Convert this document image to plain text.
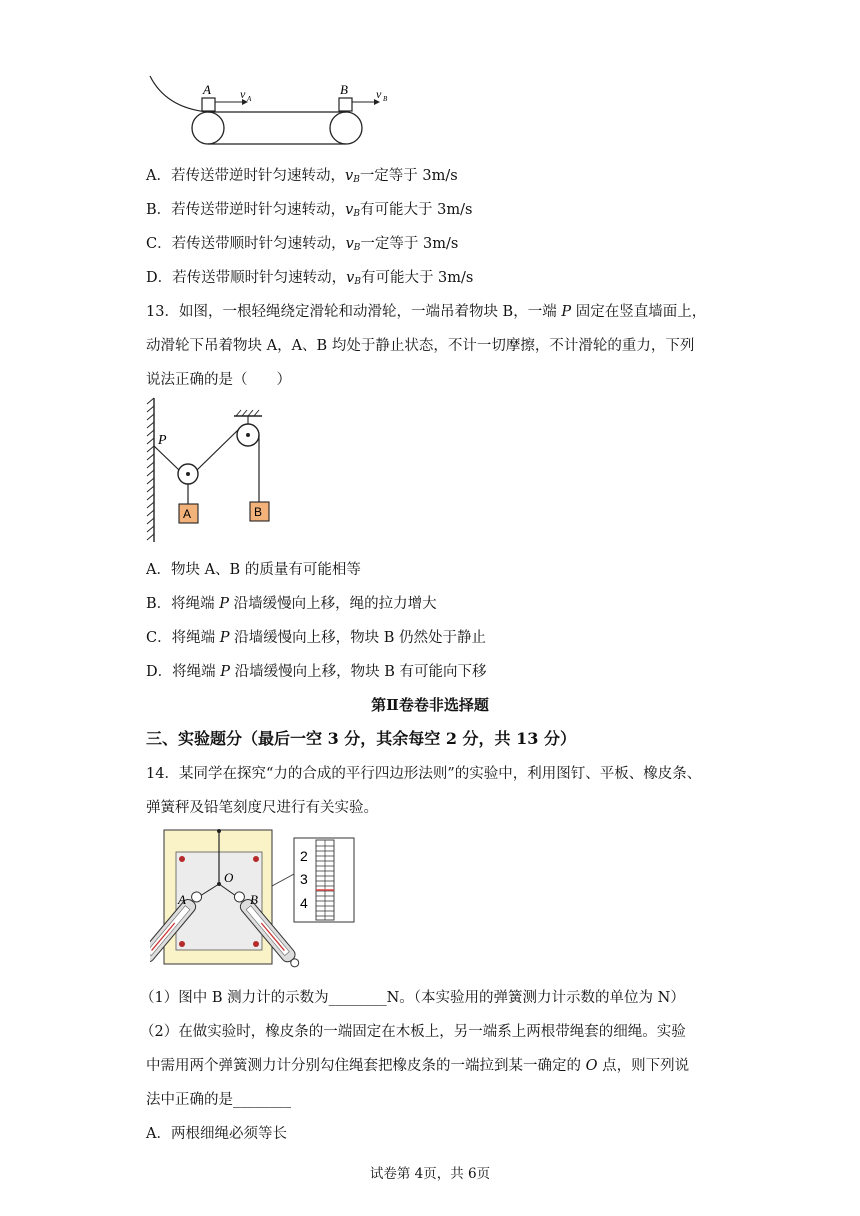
A	B
v A	v B
A．若传送带逆时针匀速转动，$v_B$一定等于 3m/s
B．若传送带逆时针匀速转动，$v_B$有可能大于 3m/s
C．若传送带顺时针匀速转动，$v_B$一定等于 3m/s
D．若传送带顺时针匀速转动，$v_B$有可能大于 3m/s
13．如图，一根轻绳绕定滑轮和动滑轮，一端吊着物块 B，一端 P 固定在竖直墙面上，
动滑轮下吊着物块 A，A、B 均处于静止状态，不计一切摩擦，不计滑轮的重力，下列
说法正确的是（　　）
P
A	B
A．物块 A、B 的质量有可能相等
B．将绳端 P 沿墙缓慢向上移，绳的拉力增大
C．将绳端 P 沿墙缓慢向上移，物块 B 仍然处于静止
D．将绳端 P 沿墙缓慢向上移，物块 B 有可能向下移
第Ⅱ卷卷非选择题
三、实验题分（最后一空 3 分，其余每空 2 分，共 13 分）
14．某同学在探究“力的合成的平行四边形法则”的实验中，利用图钉、平板、橡皮条、
弹簧秤及铅笔刻度尺进行有关实验。
O
A	B
2
3
4
（1）图中 B 测力计的示数为________N。（本实验用的弹簧测力计示数的单位为 N）
（2）在做实验时，橡皮条的一端固定在木板上，另一端系上两根带绳套的细绳。实验
中需用两个弹簧测力计分别勾住绳套把橡皮条的一端拉到某一确定的 O 点，则下列说
法中正确的是________
A．两根细绳必须等长
试卷第 4页，共 6页
